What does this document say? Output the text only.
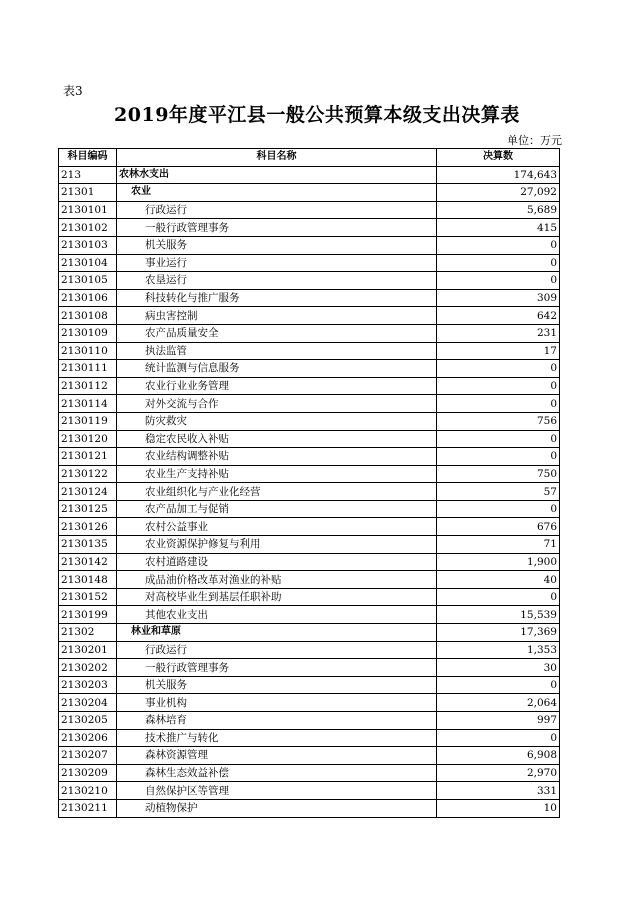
表3
2019年度平江县一般公共预算本级支出决算表
单位：万元
科目编码	科目名称	决算数
213	农林水支出	174,643
21301	农业	27,092
2130101	行政运行	5,689
2130102	一般行政管理事务	415
2130103	机关服务	0
2130104	事业运行	0
2130105	农垦运行	0
2130106	科技转化与推广服务	309
2130108	病虫害控制	642
2130109	农产品质量安全	231
2130110	执法监管	17
2130111	统计监测与信息服务	0
2130112	农业行业业务管理	0
2130114	对外交流与合作	0
2130119	防灾救灾	756
2130120	稳定农民收入补贴	0
2130121	农业结构调整补贴	0
2130122	农业生产支持补贴	750
2130124	农业组织化与产业化经营	57
2130125	农产品加工与促销	0
2130126	农村公益事业	676
2130135	农业资源保护修复与利用	71
2130142	农村道路建设	1,900
2130148	成品油价格改革对渔业的补贴	40
2130152	对高校毕业生到基层任职补助	0
2130199	其他农业支出	15,539
21302	林业和草原	17,369
2130201	行政运行	1,353
2130202	一般行政管理事务	30
2130203	机关服务	0
2130204	事业机构	2,064
2130205	森林培育	997
2130206	技术推广与转化	0
2130207	森林资源管理	6,908
2130209	森林生态效益补偿	2,970
2130210	自然保护区等管理	331
2130211	动植物保护	10
